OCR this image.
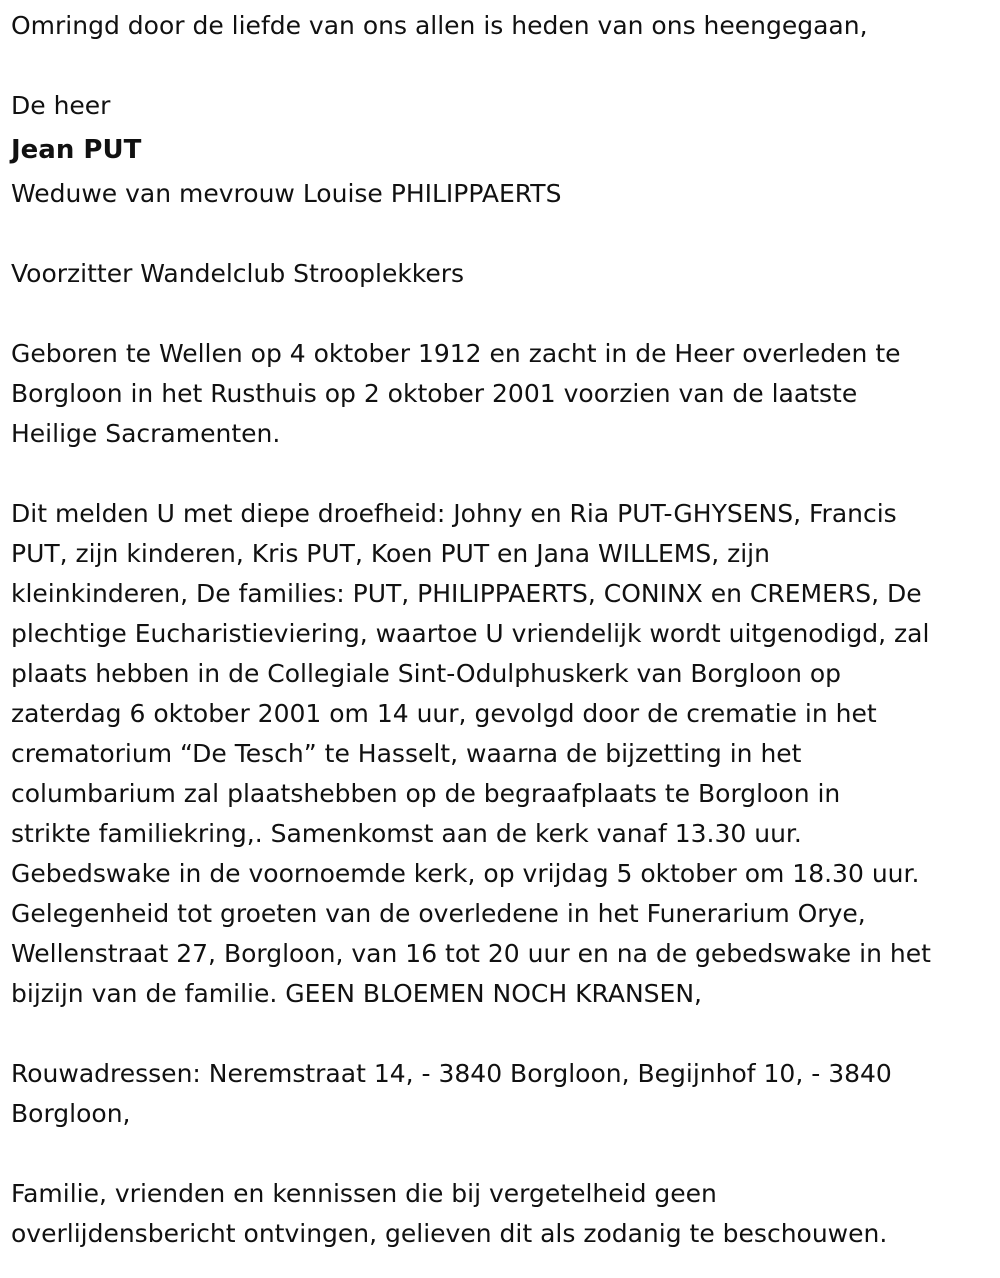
Omringd door de liefde van ons allen is heden van ons heengegaan,

De heer

Jean PUT

Weduwe van mevrouw Louise PHILIPPAERTS

Voorzitter Wandelclub Strooplekkers

Geboren te Wellen op 4 oktober 1912 en zacht in de Heer overleden te
Borgloon in het Rusthuis op 2 oktober 2001 voorzien van de laatste
Heilige Sacramenten.

Dit melden U met diepe droefheid: Johny en Ria PUT-GHYSENS, Francis
PUT, zijn kinderen, Kris PUT, Koen PUT en Jana WILLEMS, zijn
kleinkinderen, De families: PUT, PHILIPPAERTS, CONINX en CREMERS, De
plechtige Eucharistieviering, waartoe U vriendelijk wordt uitgenodigd, zal
plaats hebben in de Collegiale Sint-Odulphuskerk van Borgloon op
zaterdag 6 oktober 2001 om 14 uur, gevolgd door de crematie in het
crematorium “De Tesch” te Hasselt, waarna de bijzetting in het
columbarium zal plaatshebben op de begraafplaats te Borgloon in
strikte familiekring,. Samenkomst aan de kerk vanaf 13.30 uur.
Gebedswake in de voornoemde kerk, op vrijdag 5 oktober om 18.30 uur.
Gelegenheid tot groeten van de overledene in het Funerarium Orye,
Wellenstraat 27, Borgloon, van 16 tot 20 uur en na de gebedswake in het
bijzijn van de familie. GEEN BLOEMEN NOCH KRANSEN,

Rouwadressen: Neremstraat 14, - 3840 Borgloon, Begijnhof 10, - 3840
Borgloon,

Familie, vrienden en kennissen die bij vergetelheid geen
overlijdensbericht ontvingen, gelieven dit als zodanig te beschouwen.
